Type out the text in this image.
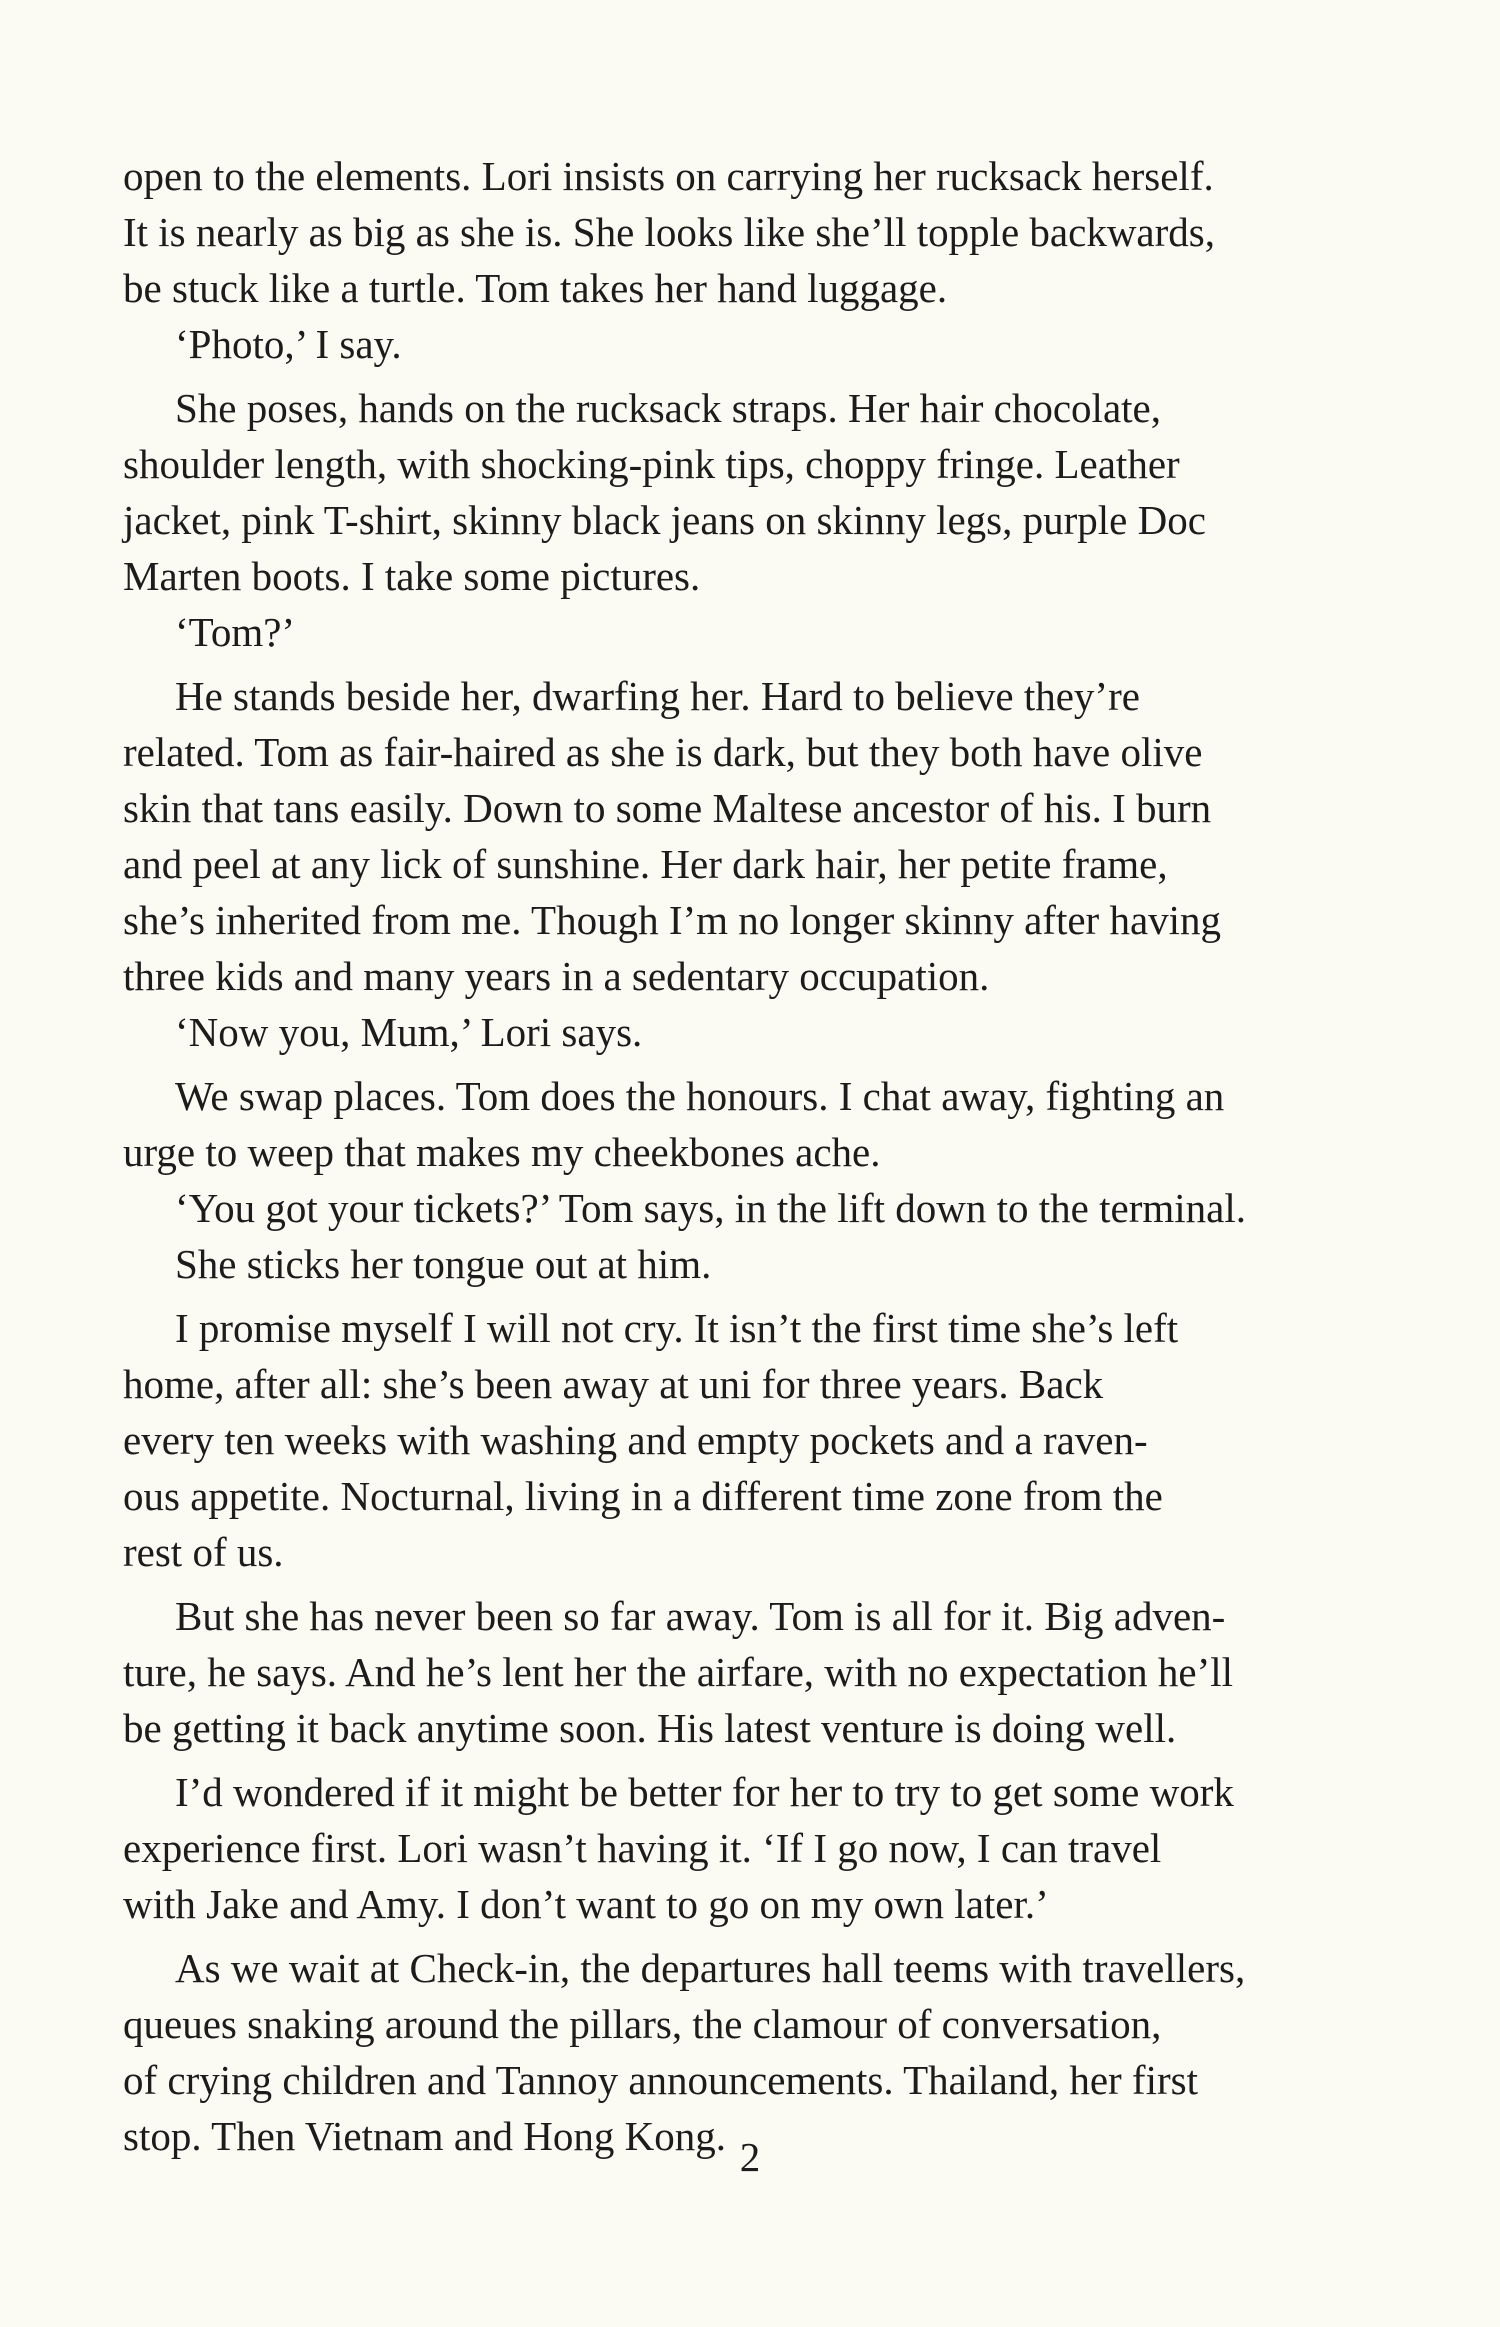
open to the elements. Lori insists on carrying her rucksack herself.
It is nearly as big as she is. She looks like she’ll topple backwards,
be stuck like a turtle. Tom takes her hand luggage.

‘Photo,’ I say.

She poses, hands on the rucksack straps. Her hair chocolate,
shoulder length, with shocking-pink tips, choppy fringe. Leather
jacket, pink T-shirt, skinny black jeans on skinny legs, purple Doc
Marten boots. I take some pictures.

‘Tom?’

He stands beside her, dwarfing her. Hard to believe they’re
related. Tom as fair-haired as she is dark, but they both have olive
skin that tans easily. Down to some Maltese ancestor of his. I burn
and peel at any lick of sunshine. Her dark hair, her petite frame,
she’s inherited from me. Though I’m no longer skinny after having
three kids and many years in a sedentary occupation.

‘Now you, Mum,’ Lori says.

We swap places. Tom does the honours. I chat away, fighting an
urge to weep that makes my cheekbones ache.

‘You got your tickets?’ Tom says, in the lift down to the terminal.

She sticks her tongue out at him.

I promise myself I will not cry. It isn’t the first time she’s left
home, after all: she’s been away at uni for three years. Back
every ten weeks with washing and empty pockets and a raven-
ous appetite. Nocturnal, living in a different time zone from the
rest of us.

But she has never been so far away. Tom is all for it. Big adven-
ture, he says. And he’s lent her the airfare, with no expectation he’ll
be getting it back anytime soon. His latest venture is doing well.

I’d wondered if it might be better for her to try to get some work
experience first. Lori wasn’t having it. ‘If I go now, I can travel
with Jake and Amy. I don’t want to go on my own later.’

As we wait at Check-in, the departures hall teems with travellers,
queues snaking around the pillars, the clamour of conversation,
of crying children and Tannoy announcements. Thailand, her first
stop. Then Vietnam and Hong Kong. 2
